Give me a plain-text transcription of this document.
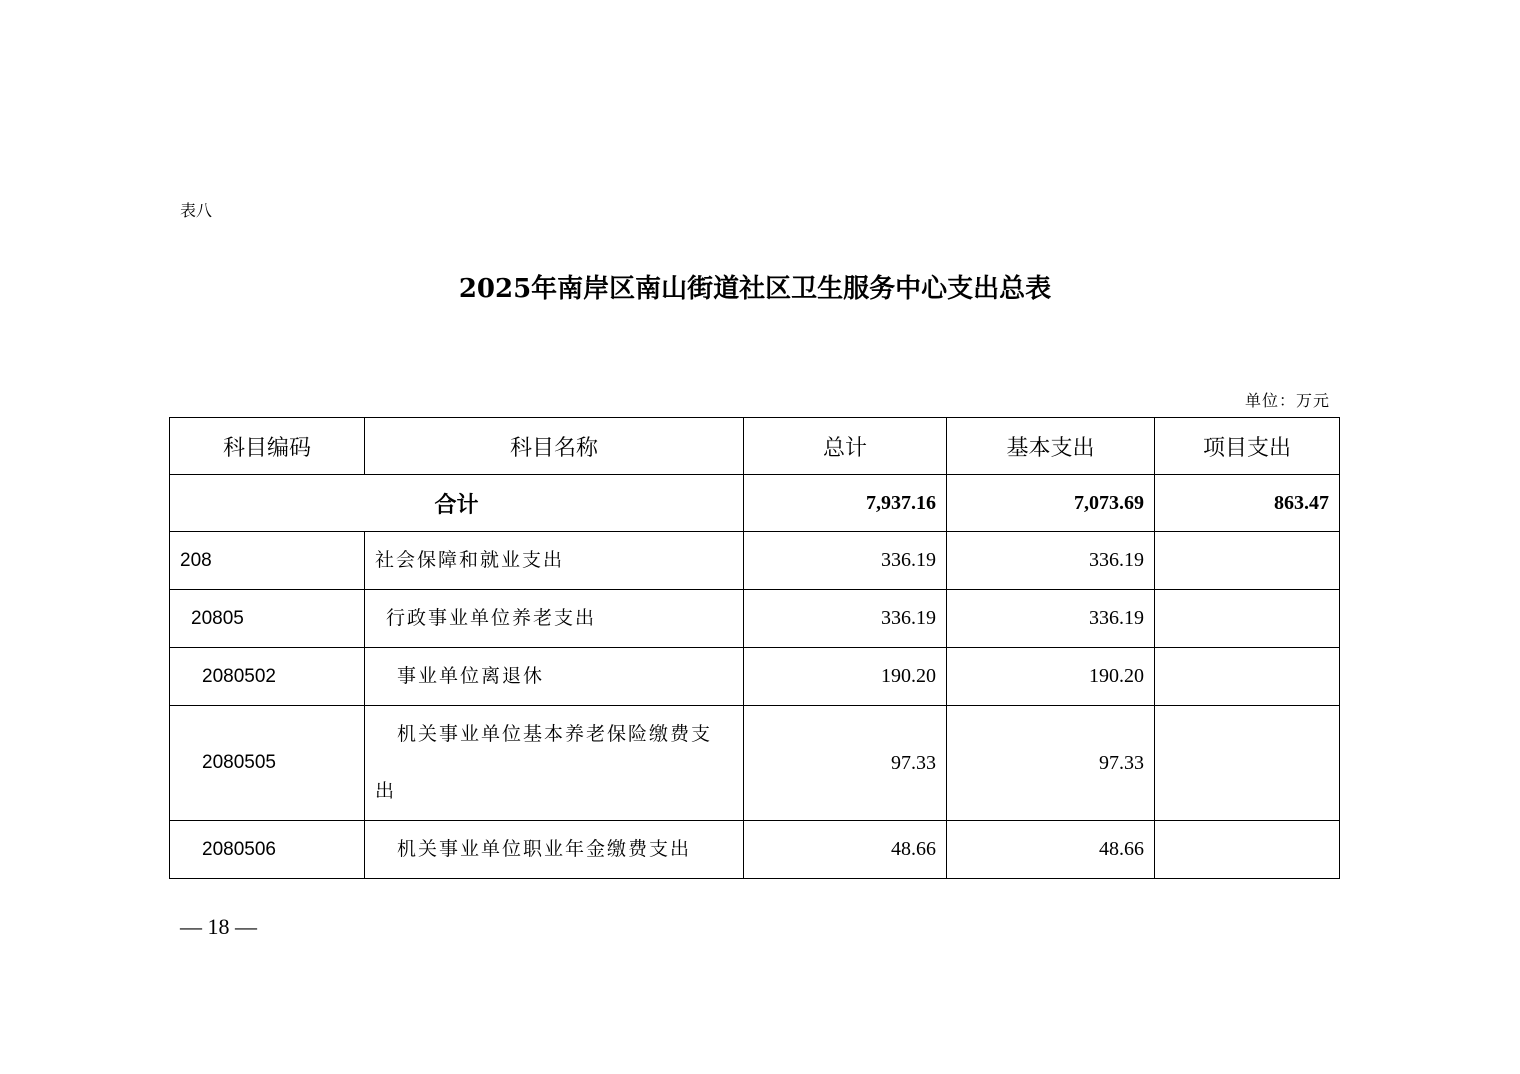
表八
2025年南岸区南山街道社区卫生服务中心支出总表
单位：万元
科目编码	科目名称	总计	基本支出	项目支出
合计		7,937.16	7,073.69	863.47
208	社会保障和就业支出	336.19	336.19	
20805	行政事业单位养老支出	336.19	336.19	
2080502	事业单位离退休	190.20	190.20	
2080505	机关事业单位基本养老保险缴费支出	97.33	97.33	
2080506	机关事业单位职业年金缴费支出	48.66	48.66	
— 18 —
